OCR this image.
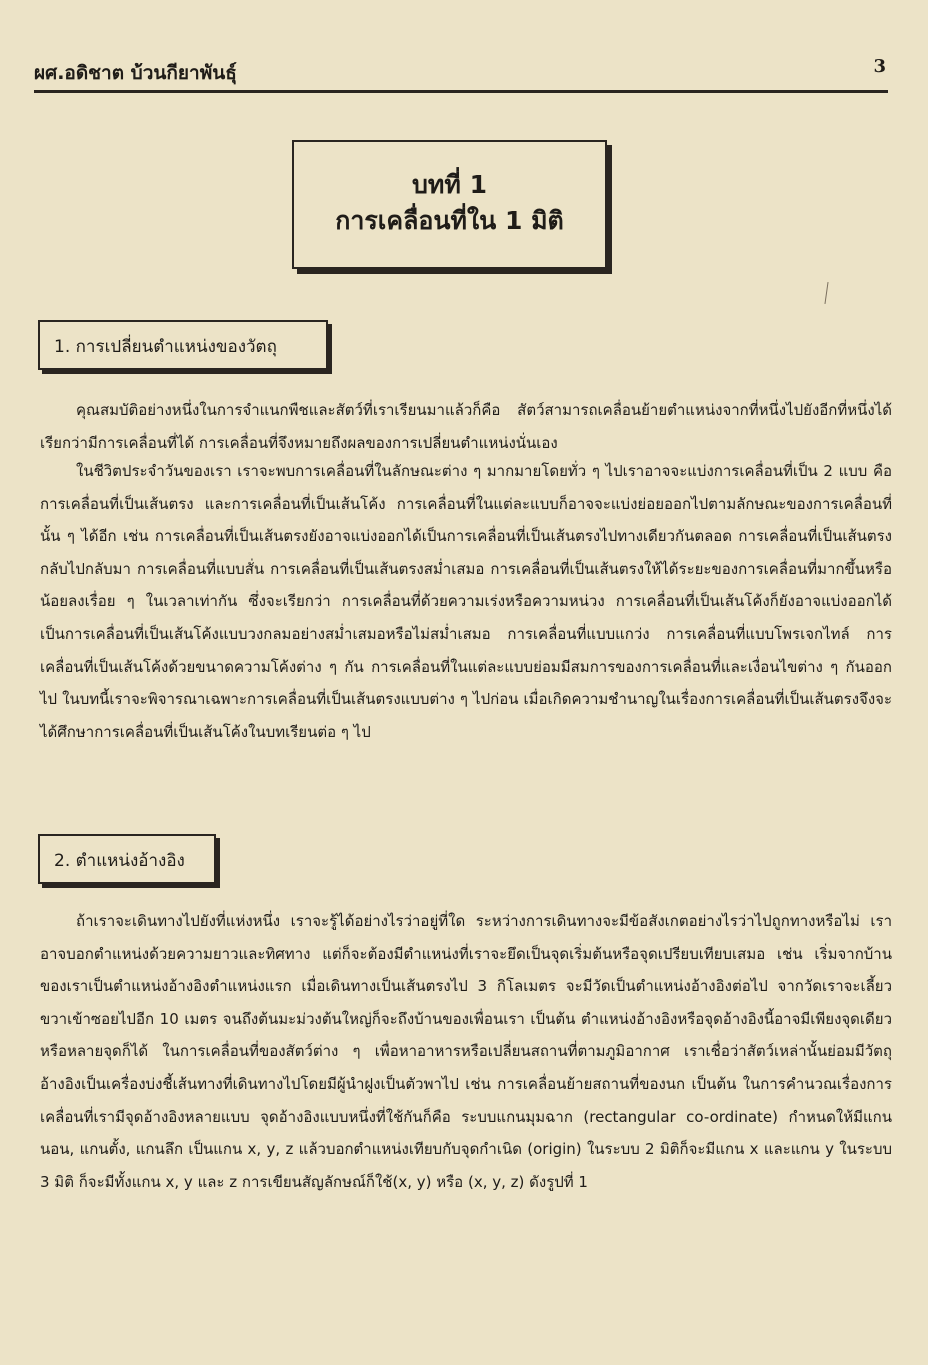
ผศ.อดิชาต บ้วนกียาพันธุ์	3
บทที่ 1
การเคลื่อนที่ใน 1 มิติ
1. การเปลี่ยนตำแหน่งของวัตถุ
คุณสมบัติอย่างหนึ่งในการจำแนกพืชและสัตว์ที่เราเรียนมาแล้วก็คือ สัตว์สามารถเคลื่อนย้ายตำแหน่งจากที่หนึ่งไปยังอีกที่หนึ่งได้ เรียกว่ามีการเคลื่อนที่ได้ การเคลื่อนที่จึงหมายถึงผลของการเปลี่ยนตำแหน่งนั่นเอง
ในชีวิตประจำวันของเรา เราจะพบการเคลื่อนที่ในลักษณะต่าง ๆ มากมายโดยทั่ว ๆ ไปเราอาจจะแบ่งการเคลื่อนที่เป็น 2 แบบ คือ การเคลื่อนที่เป็นเส้นตรง และการเคลื่อนที่เป็นเส้นโค้ง การเคลื่อนที่ในแต่ละแบบก็อาจจะแบ่งย่อยออกไปตามลักษณะของการเคลื่อนที่นั้น ๆ ได้อีก เช่น การเคลื่อนที่เป็นเส้นตรงยังอาจแบ่งออกได้เป็นการเคลื่อนที่เป็นเส้นตรงไปทางเดียวกันตลอด การเคลื่อนที่เป็นเส้นตรงกลับไปกลับมา การเคลื่อนที่แบบสั่น การเคลื่อนที่เป็นเส้นตรงสม่ำเสมอ การเคลื่อนที่เป็นเส้นตรงให้ได้ระยะของการเคลื่อนที่มากขึ้นหรือน้อยลงเรื่อย ๆ ในเวลาเท่ากัน ซึ่งจะเรียกว่า การเคลื่อนที่ด้วยความเร่งหรือความหน่วง การเคลื่อนที่เป็นเส้นโค้งก็ยังอาจแบ่งออกได้เป็นการเคลื่อนที่เป็นเส้นโค้งแบบวงกลมอย่างสม่ำเสมอหรือไม่สม่ำเสมอ การเคลื่อนที่แบบแกว่ง การเคลื่อนที่แบบโพรเจกไทล์ การเคลื่อนที่เป็นเส้นโค้งด้วยขนาดความโค้งต่าง ๆ กัน การเคลื่อนที่ในแต่ละแบบย่อมมีสมการของการเคลื่อนที่และเงื่อนไขต่าง ๆ กันออกไป ในบทนี้เราจะพิจารณาเฉพาะการเคลื่อนที่เป็นเส้นตรงแบบต่าง ๆ ไปก่อน เมื่อเกิดความชำนาญในเรื่องการเคลื่อนที่เป็นเส้นตรงจึงจะได้ศึกษาการเคลื่อนที่เป็นเส้นโค้งในบทเรียนต่อ ๆ ไป
2. ตำแหน่งอ้างอิง
ถ้าเราจะเดินทางไปยังที่แห่งหนึ่ง เราจะรู้ได้อย่างไรว่าอยู่ที่ใด ระหว่างการเดินทางจะมีข้อสังเกตอย่างไรว่าไปถูกทางหรือไม่ เราอาจบอกตำแหน่งด้วยความยาวและทิศทาง แต่ก็จะต้องมีตำแหน่งที่เราจะยึดเป็นจุดเริ่มต้นหรือจุดเปรียบเทียบเสมอ เช่น เริ่มจากบ้านของเราเป็นตำแหน่งอ้างอิงตำแหน่งแรก เมื่อเดินทางเป็นเส้นตรงไป 3 กิโลเมตร จะมีวัดเป็นตำแหน่งอ้างอิงต่อไป จากวัดเราจะเลี้ยวขวาเข้าซอยไปอีก 10 เมตร จนถึงต้นมะม่วงต้นใหญ่ก็จะถึงบ้านของเพื่อนเรา เป็นต้น ตำแหน่งอ้างอิงหรือจุดอ้างอิงนี้อาจมีเพียงจุดเดียวหรือหลายจุดก็ได้ ในการเคลื่อนที่ของสัตว์ต่าง ๆ เพื่อหาอาหารหรือเปลี่ยนสถานที่ตามภูมิอากาศ เราเชื่อว่าสัตว์เหล่านั้นย่อมมีวัตถุอ้างอิงเป็นเครื่องบ่งชี้เส้นทางที่เดินทางไปโดยมีผู้นำฝูงเป็นตัวพาไป เช่น การเคลื่อนย้ายสถานที่ของนก เป็นต้น ในการคำนวณเรื่องการเคลื่อนที่เรามีจุดอ้างอิงหลายแบบ จุดอ้างอิงแบบหนึ่งที่ใช้กันก็คือ ระบบแกนมุมฉาก (rectangular co-ordinate) กำหนดให้มีแกนนอน, แกนตั้ง, แกนลึก เป็นแกน x, y, z แล้วบอกตำแหน่งเทียบกับจุดกำเนิด (origin) ในระบบ 2 มิติก็จะมีแกน x และแกน y ในระบบ 3 มิติ ก็จะมีทั้งแกน x, y และ z การเขียนสัญลักษณ์ก็ใช้(x, y) หรือ (x, y, z) ดังรูปที่ 1
